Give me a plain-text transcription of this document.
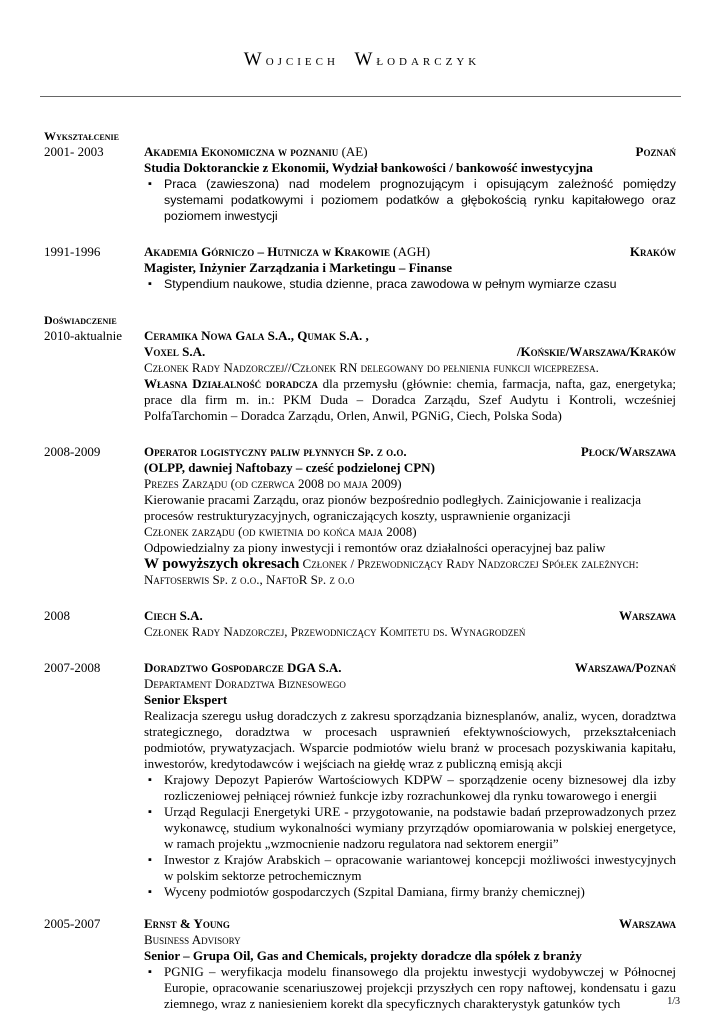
Wojciech Włodarczyk
Wykształcenie
2001- 2003	Akademia Ekonomiczna w poznaniu (AE)	Poznań
Studia Doktoranckie z Ekonomii, Wydział bankowości / bankowość inwestycyjna
▪ Praca (zawieszona) nad modelem prognozującym i opisującym zależność pomiędzy systemami podatkowymi i poziomem podatków a głębokością rynku kapitałowego oraz poziomem inwestycji
1991-1996	Akademia Górniczo – Hutnicza w Krakowie (AGH)	Kraków
Magister, Inżynier Zarządzania i Marketingu – Finanse
▪ Stypendium naukowe, studia dzienne, praca zawodowa w pełnym wymiarze czasu
Doświadczenie
2010-aktualnie	Ceramika Nowa Gala S.A., Qumak S.A. ,
Voxel S.A.	/Końskie/Warszawa/Kraków
Członek Rady Nadzorczej//Członek RN delegowany do pełnienia funkcji wiceprezesa.
Własna Działalność doradcza dla przemysłu (głównie: chemia, farmacja, nafta, gaz, energetyka; prace dla firm m. in.: PKM Duda – Doradca Zarządu, Szef Audytu i Kontroli, wcześniej PolfaTarchomin – Doradca Zarządu, Orlen, Anwil, PGNiG, Ciech, Polska Soda)
2008-2009	Operator logistyczny paliw płynnych Sp. z o.o.	Płock/Warszawa
(OLPP, dawniej Naftobazy – cześć podzielonej CPN)
Prezes Zarządu (od czerwca 2008 do maja 2009)
Kierowanie pracami Zarządu, oraz pionów bezpośrednio podległych. Zainicjowanie i realizacja procesów restrukturyzacyjnych, ograniczających koszty, usprawnienie organizacji
Członek zarządu (od kwietnia do końca maja 2008)
Odpowiedzialny za piony inwestycji i remontów oraz działalności operacyjnej baz paliw
W powyższych okresach Członek / Przewodniczący Rady Nadzorczej Spółek zależnych: Naftoserwis Sp. z o.o., NaftoR Sp. z o.o
2008	Ciech S.A.	Warszawa
Członek Rady Nadzorczej, Przewodniczący Komitetu ds. Wynagrodzeń
2007-2008	Doradztwo Gospodarcze DGA S.A.	Warszawa/Poznań
Departament Doradztwa Biznesowego
Senior Ekspert
Realizacja szeregu usług doradczych z zakresu sporządzania biznesplanów, analiz, wycen, doradztwa strategicznego, doradztwa w procesach usprawnień efektywnościowych, przekształceniach podmiotów, prywatyzacjach. Wsparcie podmiotów wielu branż w procesach pozyskiwania kapitału, inwestorów, kredytodawców i wejściach na giełdę wraz z publiczną emisją akcji
▪ Krajowy Depozyt Papierów Wartościowych KDPW – sporządzenie oceny biznesowej dla izby rozliczeniowej pełniącej również funkcje izby rozrachunkowej dla rynku towarowego i energii
▪ Urząd Regulacji Energetyki URE - przygotowanie, na podstawie badań przeprowadzonych przez wykonawcę, studium wykonalności wymiany przyrządów opomiarowania w polskiej energetyce, w ramach projektu „wzmocnienie nadzoru regulatora nad sektorem energii”
▪ Inwestor z Krajów Arabskich – opracowanie wariantowej koncepcji możliwości inwestycyjnych w polskim sektorze petrochemicznym
▪ Wyceny podmiotów gospodarczych (Szpital Damiana, firmy branży chemicznej)
2005-2007	Ernst & Young	Warszawa
Business Advisory
Senior – Grupa Oil, Gas and Chemicals, projekty doradcze dla spółek z branży
▪ PGNIG – weryfikacja modelu finansowego dla projektu inwestycji wydobywczej w Północnej Europie, opracowanie scenariuszowej projekcji przyszłych cen ropy naftowej, kondensatu i gazu ziemnego, wraz z naniesieniem korekt dla specyficznych charakterystyk gatunków tych	1/3
